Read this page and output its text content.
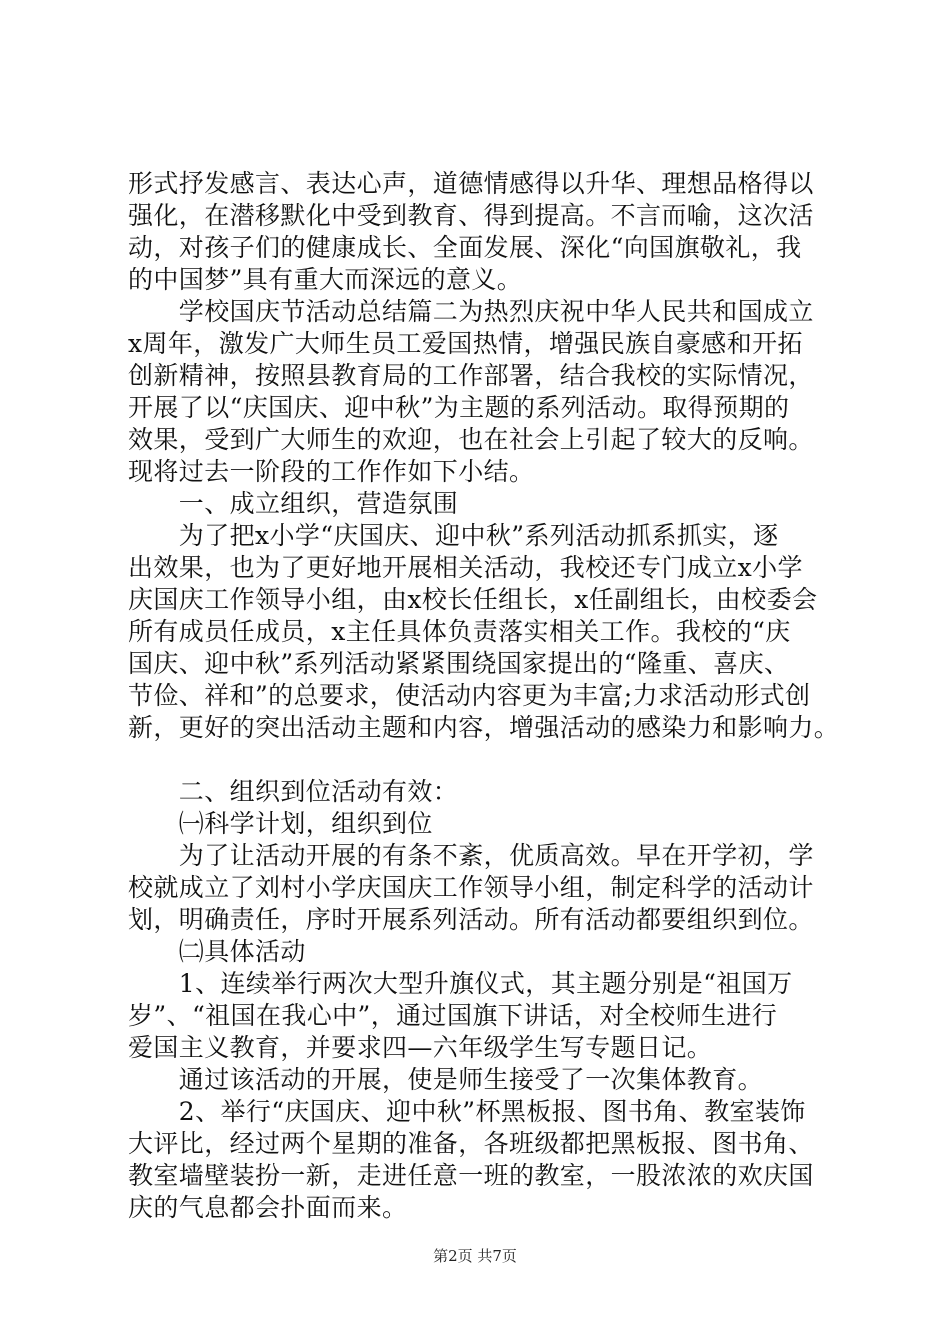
形式抒发感言、表达心声，道德情感得以升华、理想品格得以
强化，在潜移默化中受到教育、得到提高。不言而喻，这次活
动，对孩子们的健康成长、全面发展、深化“向国旗敬礼，我
的中国梦”具有重大而深远的意义。
　　学校国庆节活动总结篇二为热烈庆祝中华人民共和国成立
x周年，激发广大师生员工爱国热情，增强民族自豪感和开拓
创新精神，按照县教育局的工作部署，结合我校的实际情况，
开展了以“庆国庆、迎中秋”为主题的系列活动。取得预期的
效果，受到广大师生的欢迎，也在社会上引起了较大的反响。
现将过去一阶段的工作作如下小结。
　　一、成立组织，营造氛围
　　为了把x小学“庆国庆、迎中秋”系列活动抓系抓实，逐
出效果，也为了更好地开展相关活动，我校还专门成立x小学
庆国庆工作领导小组，由x校长任组长，x任副组长，由校委会
所有成员任成员，x主任具体负责落实相关工作。我校的“庆
国庆、迎中秋”系列活动紧紧围绕国家提出的“隆重、喜庆、
节俭、祥和”的总要求，使活动内容更为丰富;力求活动形式创
新，更好的突出活动主题和内容，增强活动的感染力和影响力。
　　二、组织到位活动有效：
　　㈠科学计划，组织到位
　　为了让活动开展的有条不紊，优质高效。早在开学初，学
校就成立了刘村小学庆国庆工作领导小组，制定科学的活动计
划，明确责任，序时开展系列活动。所有活动都要组织到位。
　　㈡具体活动
　　1、连续举行两次大型升旗仪式，其主题分别是“祖国万
岁”、“祖国在我心中”，通过国旗下讲话，对全校师生进行
爱国主义教育，并要求四—六年级学生写专题日记。
　　通过该活动的开展，使是师生接受了一次集体教育。
　　2、举行“庆国庆、迎中秋”杯黑板报、图书角、教室装饰
大评比，经过两个星期的准备，各班级都把黑板报、图书角、
教室墙壁装扮一新，走进任意一班的教室，一股浓浓的欢庆国
庆的气息都会扑面而来。
第2页 共7页
